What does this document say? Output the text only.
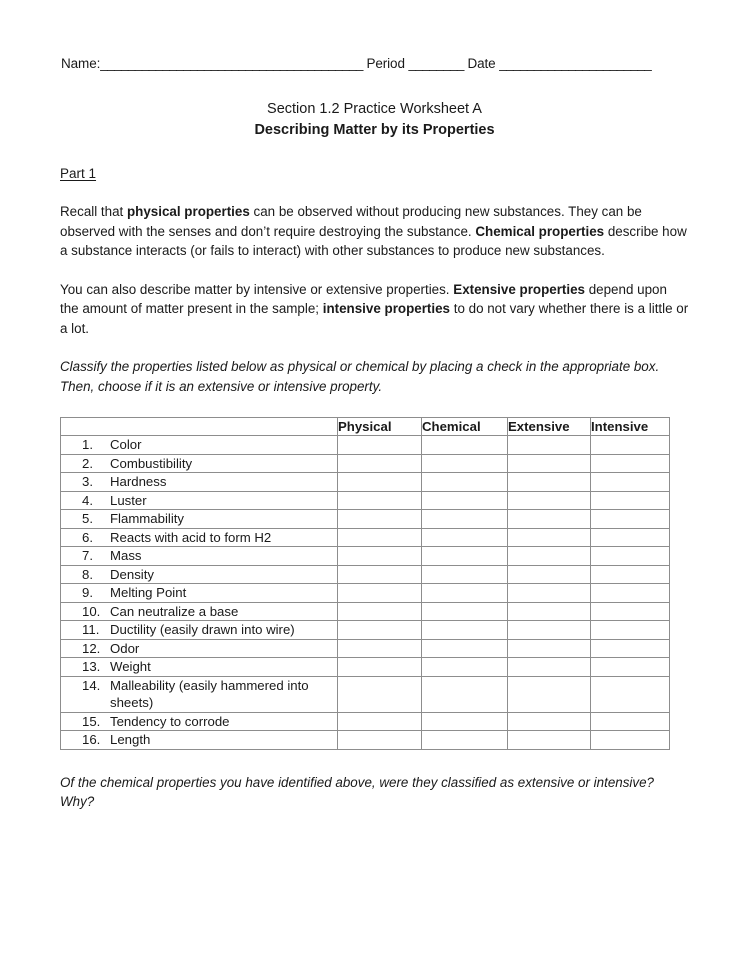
Name:______________________________________ Period ________ Date ______________________
Section 1.2 Practice Worksheet A
Describing Matter by its Properties
Part 1

Recall that physical properties can be observed without producing new substances. They can be observed with the senses and don’t require destroying the substance. Chemical properties describe how a substance interacts (or fails to interact) with other substances to produce new substances.

You can also describe matter by intensive or extensive properties. Extensive properties depend upon the amount of matter present in the sample; intensive properties to do not vary whether there is a little or a lot.

Classify the properties listed below as physical or chemical by placing a check in the appropriate box. Then, choose if it is an extensive or intensive property.

	Physical	Chemical	Extensive	Intensive

1. Color				

2. Combustibility				

3. Hardness				

4. Luster				

5. Flammability				

6. Reacts with acid to form H2				

7. Mass				

8. Density				

9. Melting Point				

10. Can neutralize a base				

11. Ductility (easily drawn into wire)				

12. Odor				

13. Weight				

14. Malleability (easily hammered into sheets)				

15. Tendency to corrode				

16. Length				

Of the chemical properties you have identified above, were they classified as extensive or intensive? Why?
